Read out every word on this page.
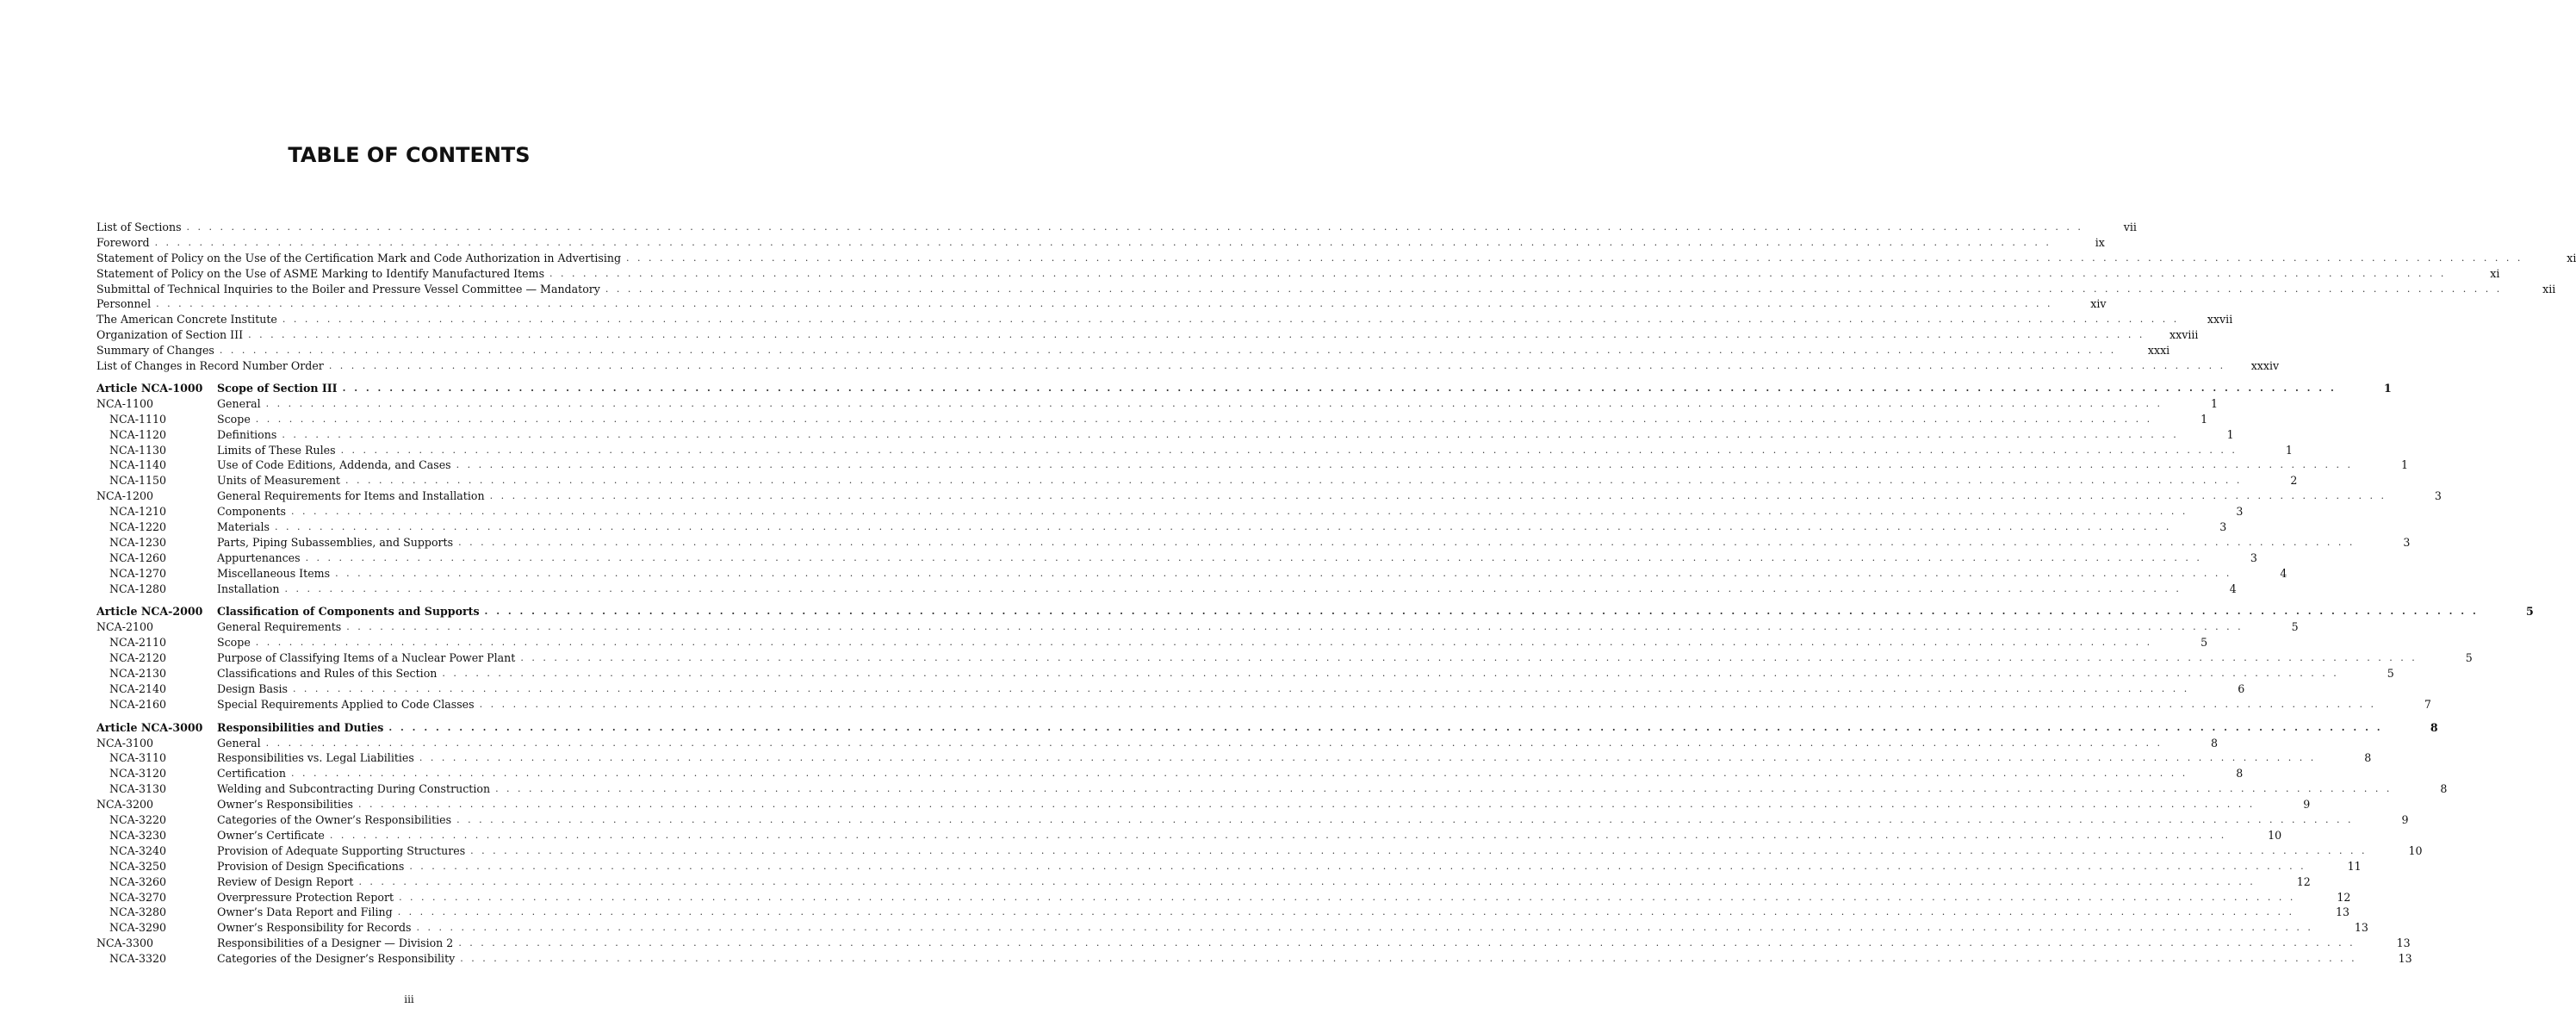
TABLE OF CONTENTS
List of Sections . . .	vii
Foreword . . .	ix
Statement of Policy on the Use of the Certification Mark and Code Authorization in Advertising . . .	xi
Statement of Policy on the Use of ASME Marking to Identify Manufactured Items . . .	xi
Submittal of Technical Inquiries to the Boiler and Pressure Vessel Committee — Mandatory . . .	xii
Personnel . . .	xiv
The American Concrete Institute . . .	xxvii
Organization of Section III . . .	xxviii
Summary of Changes . . .	xxxi
List of Changes in Record Number Order . . .	xxxiv
Article NCA-1000	Scope of Section III . . .	1
NCA-1100	General . . .	1
NCA-1110	Scope . . .	1
NCA-1120	Definitions . . .	1
NCA-1130	Limits of These Rules . . .	1
NCA-1140	Use of Code Editions, Addenda, and Cases . . .	1
NCA-1150	Units of Measurement . . .	2
NCA-1200	General Requirements for Items and Installation . . .	3
NCA-1210	Components . . .	3
NCA-1220	Materials . . .	3
NCA-1230	Parts, Piping Subassemblies, and Supports . . .	3
NCA-1260	Appurtenances . . .	3
NCA-1270	Miscellaneous Items . . .	4
NCA-1280	Installation . . .	4
Article NCA-2000	Classification of Components and Supports . . .	5
NCA-2100	General Requirements . . .	5
NCA-2110	Scope . . .	5
NCA-2120	Purpose of Classifying Items of a Nuclear Power Plant . . .	5
NCA-2130	Classifications and Rules of this Section . . .	5
NCA-2140	Design Basis . . .	6
NCA-2160	Special Requirements Applied to Code Classes . . .	7
Article NCA-3000	Responsibilities and Duties . . .	8
NCA-3100	General . . .	8
NCA-3110	Responsibilities vs. Legal Liabilities . . .	8
NCA-3120	Certification . . .	8
NCA-3130	Welding and Subcontracting During Construction . . .	8
NCA-3200	Owner’s Responsibilities . . .	9
NCA-3220	Categories of the Owner’s Responsibilities . . .	9
NCA-3230	Owner’s Certificate . . .	10
NCA-3240	Provision of Adequate Supporting Structures . . .	10
NCA-3250	Provision of Design Specifications . . .	11
NCA-3260	Review of Design Report . . .	12
NCA-3270	Overpressure Protection Report . . .	12
NCA-3280	Owner’s Data Report and Filing . . .	13
NCA-3290	Owner’s Responsibility for Records . . .	13
NCA-3300	Responsibilities of a Designer — Division 2 . . .	13
NCA-3320	Categories of the Designer’s Responsibility . . .	13
iii
